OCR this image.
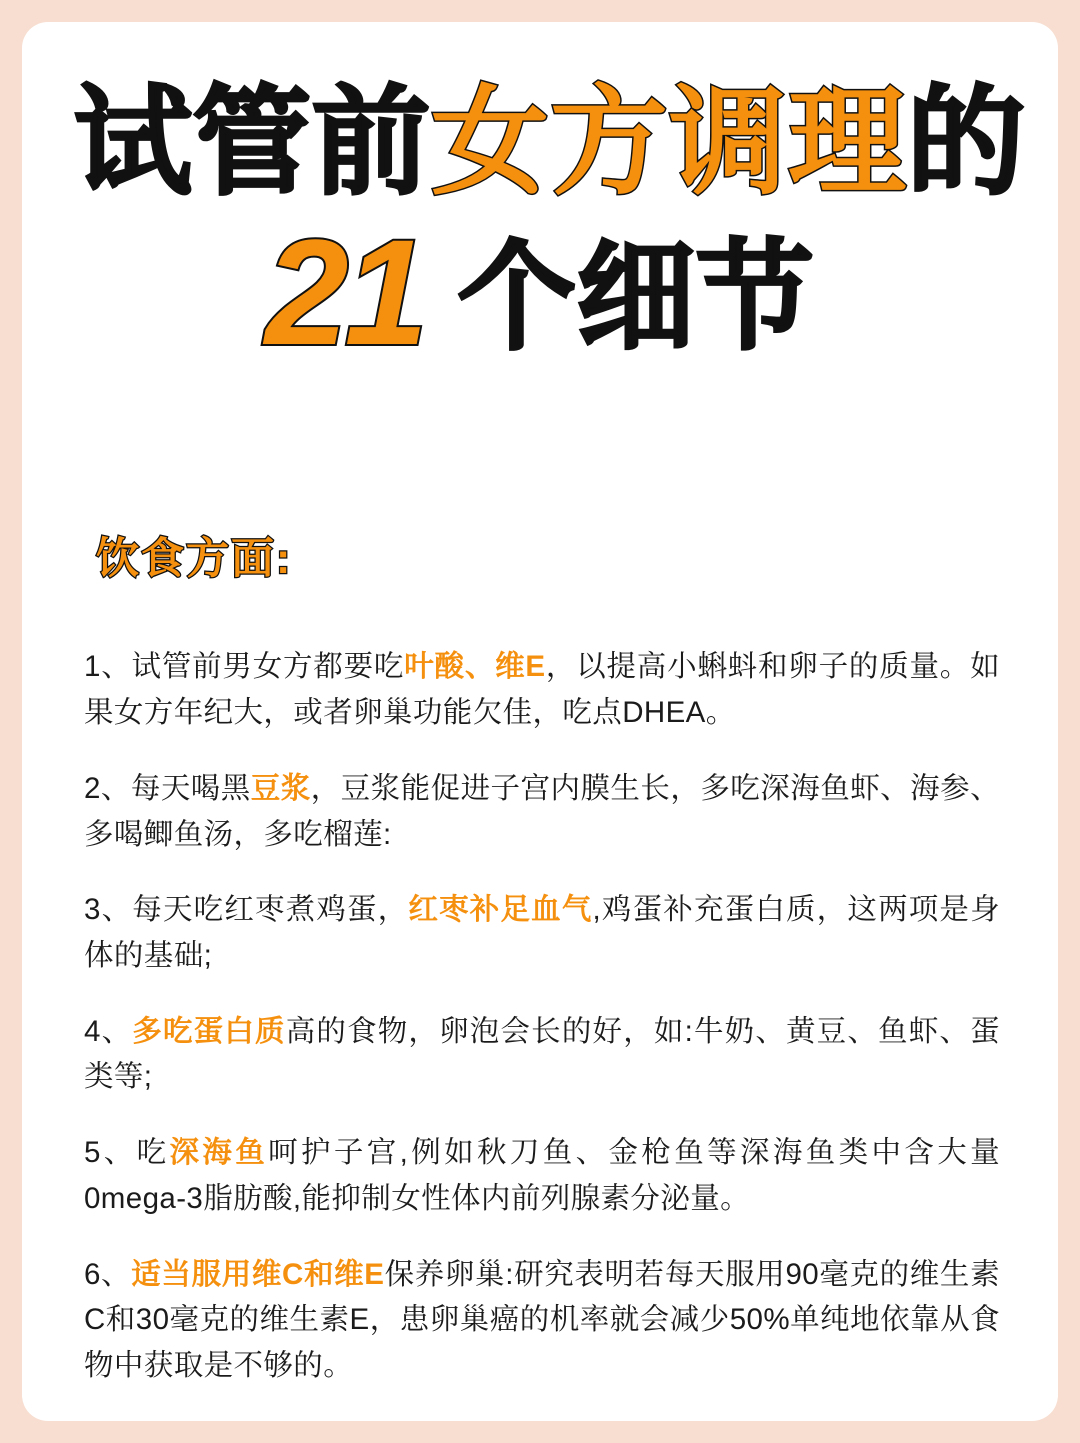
试管前女方调理的
21 个细节
饮食方面:
1、试管前男女方都要吃叶酸、维E，以提高小蝌蚪和卵子的质量。如果女方年纪大，或者卵巢功能欠佳，吃点DHEA。
2、每天喝黑豆浆，豆浆能促进子宫内膜生长，多吃深海鱼虾、海参、多喝鲫鱼汤，多吃榴莲:
3、每天吃红枣煮鸡蛋，红枣补足血气,鸡蛋补充蛋白质，这两项是身体的基础;
4、多吃蛋白质高的食物，卵泡会长的好，如:牛奶、黄豆、鱼虾、蛋类等;
5、吃深海鱼呵护子宫,例如秋刀鱼、金枪鱼等深海鱼类中含大量0mega-3脂肪酸,能抑制女性体内前列腺素分泌量。
6、适当服用维C和维E保养卵巢:研究表明若每天服用90毫克的维生素C和30毫克的维生素E，患卵巢癌的机率就会减少50%单纯地依靠从食物中获取是不够的。
